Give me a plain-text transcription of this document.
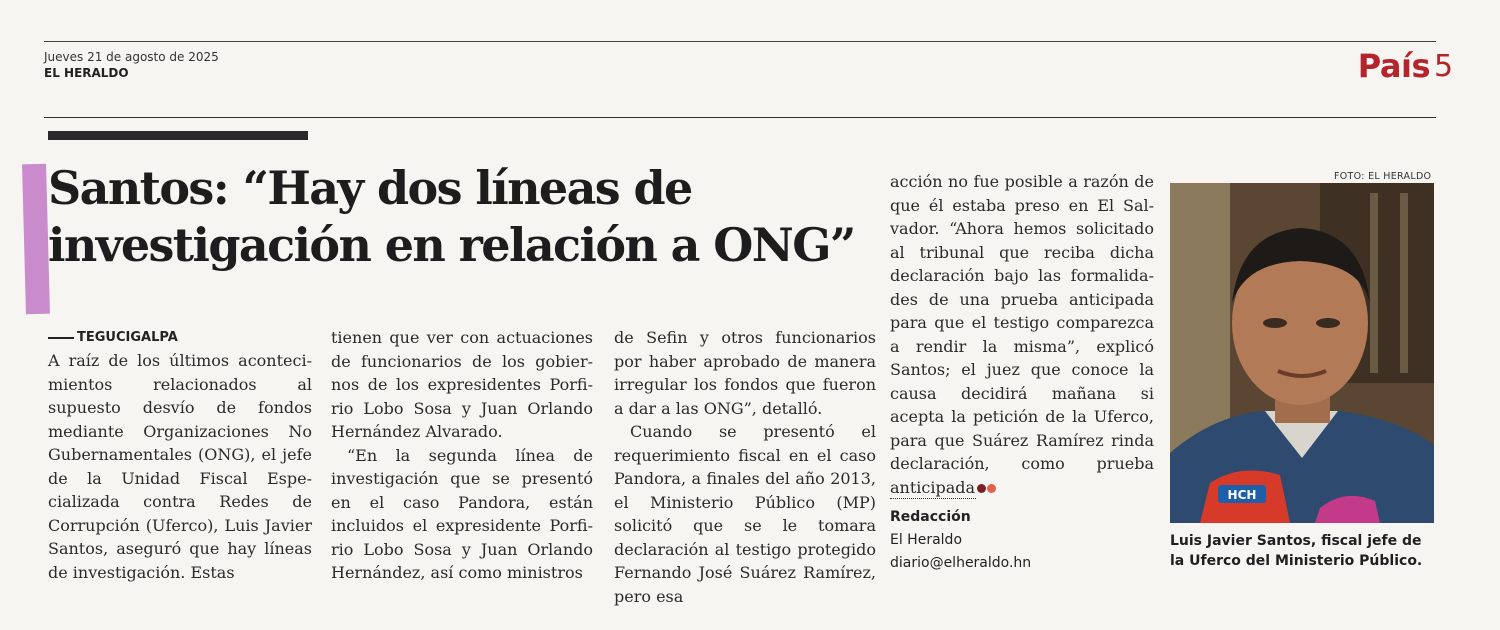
Jueves 21 de agosto de 2025
EL HERALDO	País 5
Santos: “Hay dos líneas de investigación en relación a ONG”
TEGUCIGALPA

A raíz de los últimos acontecimientos relacionados al supuesto desvío de fondos mediante Organizaciones No Gubernamentales (ONG), el jefe de la Unidad Fiscal Especializada contra Redes de Corrupción (Uferco), Luis Javier Santos, aseguró que hay líneas de investigación. Estas

tienen que ver con actuaciones de funcionarios de los gobiernos de los expresidentes Porfirio Lobo Sosa y Juan Orlando Hernández Alvarado.

“En la segunda línea de investigación que se presentó en el caso Pandora, están incluidos el expresidente Porfirio Lobo Sosa y Juan Orlando Hernández, así como ministros

de Sefin y otros funcionarios por haber aprobado de manera irregular los fondos que fueron a dar a las ONG”, detalló.

Cuando se presentó el requerimiento fiscal en el caso Pandora, a finales del año 2013, el Ministerio Público (MP) solicitó que se le tomara declaración al testigo protegido Fernando José Suárez Ramírez, pero esa

acción no fue posible a razón de que él estaba preso en El Salvador. “Ahora hemos solicitado al tribunal que reciba dicha declaración bajo las formalidades de una prueba anticipada para que el testigo comparezca a rendir la misma”, explicó Santos; el juez que conoce la causa decidirá mañana si acepta la petición de la Uferco, para que Suárez Ramírez rinda declaración, como prueba anticipada

Redacción
El Heraldo
diario@elheraldo.hn
FOTO: EL HERALDO
HCH
Luis Javier Santos, fiscal jefe de la Uferco del Ministerio Público.
